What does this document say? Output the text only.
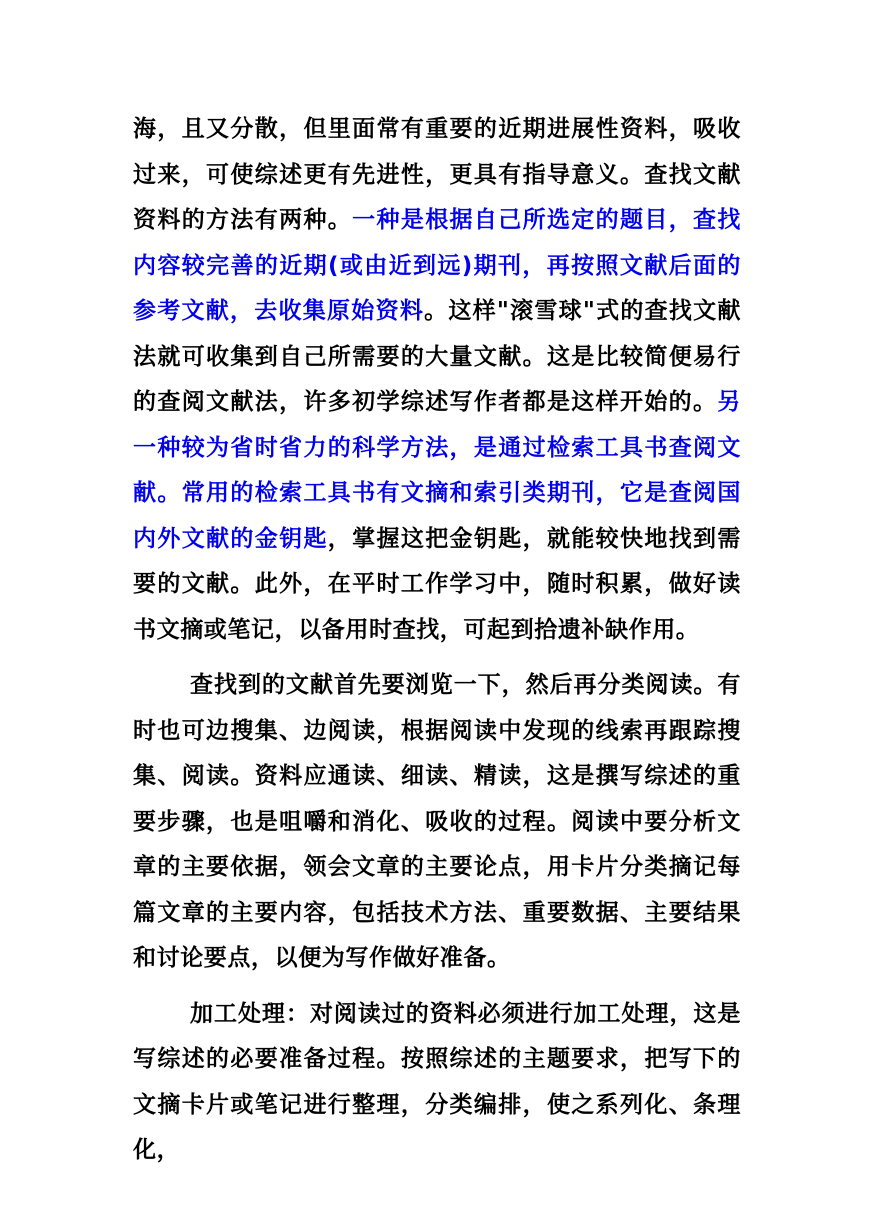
海，且又分散，但里面常有重要的近期进展性资料，吸收过来，可使综述更有先进性，更具有指导意义。查找文献资料的方法有两种。一种是根据自己所选定的题目，查找内容较完善的近期(或由近到远)期刊，再按照文献后面的参考文献，去收集原始资料。这样"滚雪球"式的查找文献法就可收集到自己所需要的大量文献。这是比较简便易行的查阅文献法，许多初学综述写作者都是这样开始的。另一种较为省时省力的科学方法，是通过检索工具书查阅文献。常用的检索工具书有文摘和索引类期刊，它是查阅国内外文献的金钥匙，掌握这把金钥匙，就能较快地找到需要的文献。此外，在平时工作学习中，随时积累，做好读书文摘或笔记，以备用时查找，可起到拾遗补缺作用。

查找到的文献首先要浏览一下，然后再分类阅读。有时也可边搜集、边阅读，根据阅读中发现的线索再跟踪搜集、阅读。资料应通读、细读、精读，这是撰写综述的重要步骤，也是咀嚼和消化、吸收的过程。阅读中要分析文章的主要依据，领会文章的主要论点，用卡片分类摘记每篇文章的主要内容，包括技术方法、重要数据、主要结果和讨论要点，以便为写作做好准备。

加工处理：对阅读过的资料必须进行加工处理，这是写综述的必要准备过程。按照综述的主题要求，把写下的文摘卡片或笔记进行整理，分类编排，使之系列化、条理化，
